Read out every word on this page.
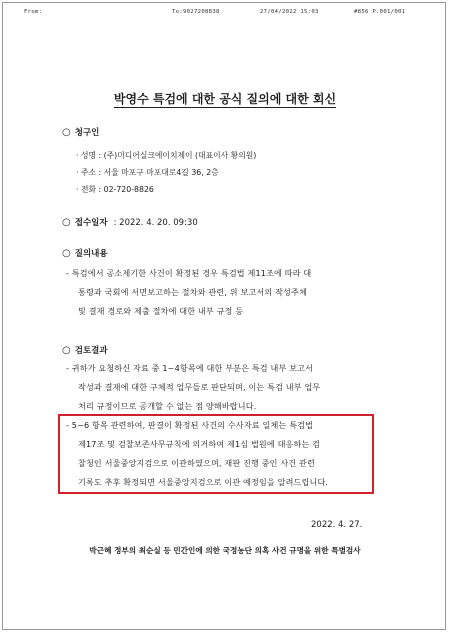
From:	To:9027208838	27/04/2022 15:03	#856 P.001/001
박영수 특검에 대한 공식 질의에 대한 회신
○ 청구인
· 성명 : (주)미디어실크에이치제이 (대표이사 황의원)
· 주소 : 서울 마포구 마포대로4길 36, 2층
· 전화 : 02-720-8826
○ 접수일자 : 2022. 4. 20. 09:30
○ 질의내용
- 특검에서 공소제기한 사건이 확정된 경우 특검법 제11조에 따라 대
통령과 국회에 서면보고하는 절차와 관련, 위 보고서의 작성주체
및 결재 경로와 제출 절차에 대한 내부 규정 등
○ 검토결과
- 귀하가 요청하신 자료 중 1~4항목에 대한 부분은 특검 내부 보고서
작성과 결재에 대한 구체적 업무들로 판단되며, 이는 특검 내부 업무
처리 규정이므로 공개할 수 없는 점 양해바랍니다.
- 5~6 항목 관련하여, 판결이 확정된 사건의 수사자료 일체는 특검법
제17조 및 검찰보존사무규칙에 의거하여 제1심 법원에 대응하는 검
찰청인 서울중앙지검으로 이관하였으며, 재판 진행 중인 사건 관련
기록도 추후 확정되면 서울중앙지검으로 이관 예정임을 알려드립니다.
2022. 4. 27.
박근혜 정부의 최순실 등 민간인에 의한 국정농단 의혹 사건 규명을 위한 특별검사
